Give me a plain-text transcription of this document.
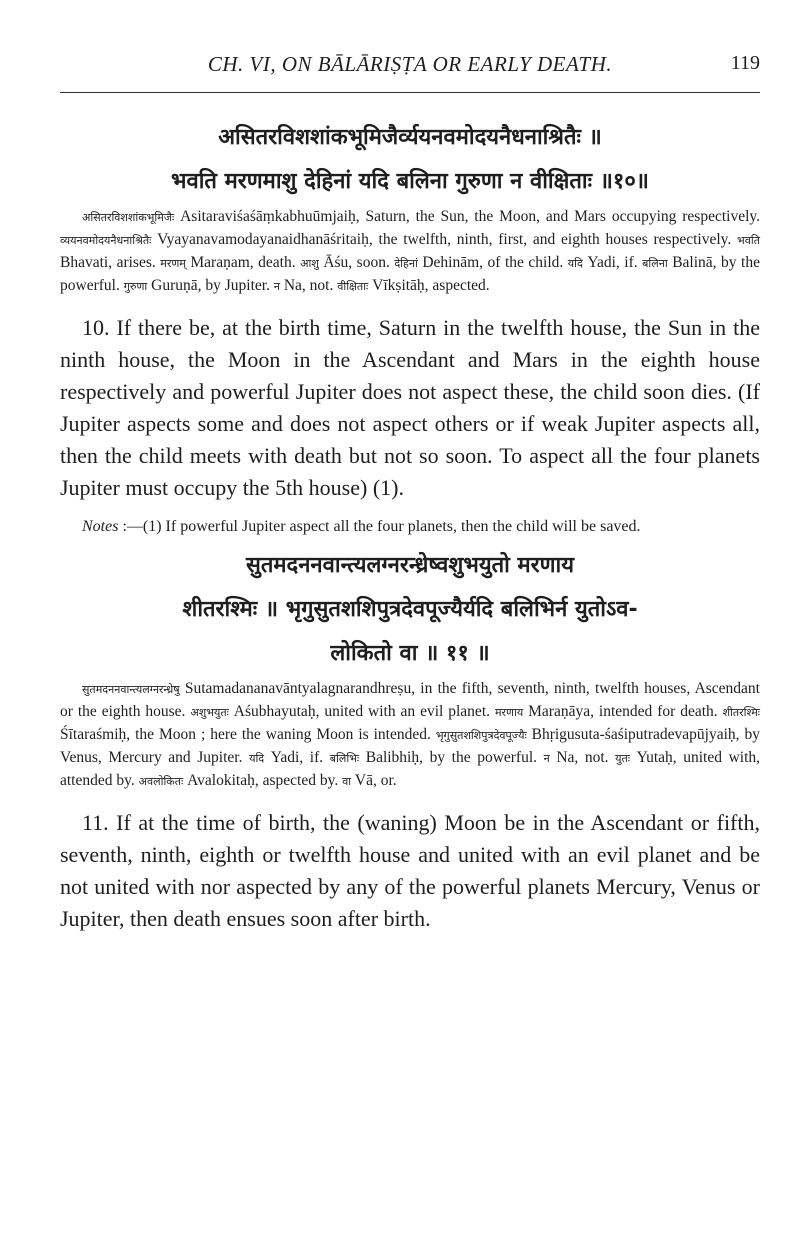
CH. VI, ON BĀLĀRIṢṬA OR EARLY DEATH.	119

असितरविशशांकभूमिजैर्व्ययनवमोदयनैधनाश्रितैः ॥

भवति मरणमाशु देहिनां यदि बलिना गुरुणा न वीक्षिताः ॥१०॥

असितरविशशांकभूमिजैः Asitaraviśaśāṃkabhuūmjaiḥ, Saturn, the Sun, the Moon, and Mars occupying respectively. व्ययनवमोदयनैधनाश्रितैः Vyayanavamodayanaidhanāśritaiḥ, the twelfth, ninth, first, and eighth houses respectively. भवति Bhavati, arises. मरणम् Maraṇam, death. आशु Āśu, soon. देहिनां Dehinām, of the child. यदि Yadi, if. बलिना Balinā, by the powerful. गुरुणा Guruṇā, by Jupiter. न Na, not. वीक्षिताः Vīkṣitāḥ, aspected.

10. If there be, at the birth time, Saturn in the twelfth house, the Sun in the ninth house, the Moon in the Ascendant and Mars in the eighth house respectively and powerful Jupiter does not aspect these, the child soon dies. (If Jupiter aspects some and does not aspect others or if weak Jupiter aspects all, then the child meets with death but not so soon. To aspect all the four planets Jupiter must occupy the 5th house) (1).

Notes :—(1) If powerful Jupiter aspect all the four planets, then the child will be saved.

सुतमदननवान्त्यलग्नरन्ध्रेष्वशुभयुतो मरणाय

शीतरश्मिः ॥ भृगुसुतशशिपुत्रदेवपूज्यैर्यदि बलिभिर्न युतोऽव-

लोकितो वा ॥ ११ ॥

सुतमदननवान्त्यलग्नरन्ध्रेषु Sutamadananavāntyalagnarandhreṣu, in the fifth, seventh, ninth, twelfth houses, Ascendant or the eighth house. अशुभयुतः Aśubhayutaḥ, united with an evil planet. मरणाय Maraṇāya, intended for death. शीतरश्मिः Śītaraśmiḥ, the Moon ; here the waning Moon is intended. भृगुसुतशशिपुत्रदेवपूज्यैः Bhṛigusuta-śaśiputradevapūjyaiḥ, by Venus, Mercury and Jupiter. यदि Yadi, if. बलिभिः Balibhiḥ, by the powerful. न Na, not. युतः Yutaḥ, united with, attended by. अवलोकितः Avalokitaḥ, aspected by. वा Vā, or.

11. If at the time of birth, the (waning) Moon be in the Ascendant or fifth, seventh, ninth, eighth or twelfth house and united with an evil planet and be not united with nor aspected by any of the powerful planets Mercury, Venus or Jupiter, then death ensues soon after birth.
